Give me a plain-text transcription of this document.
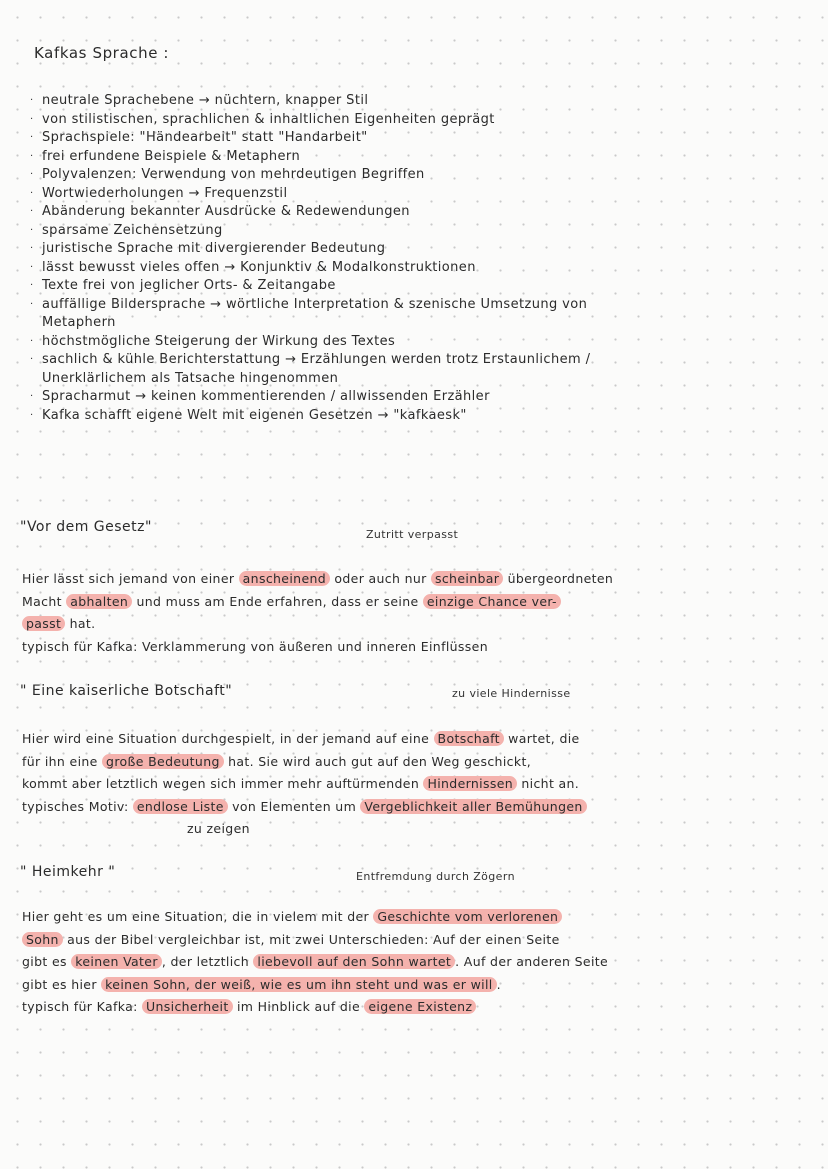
Kafkas Sprache :
· neutrale Sprachebene → nüchtern, knapper Stil
· von stilistischen, sprachlichen & inhaltlichen Eigenheiten geprägt
· Sprachspiele: "Händearbeit" statt "Handarbeit"
· frei erfundene Beispiele & Metaphern
· Polyvalenzen: Verwendung von mehrdeutigen Begriffen
· Wortwiederholungen → Frequenzstil
· Abänderung bekannter Ausdrücke & Redewendungen
· sparsame Zeichensetzung
· juristische Sprache mit divergierender Bedeutung
· lässt bewusst vieles offen → Konjunktiv & Modalkonstruktionen
· Texte frei von jeglicher Orts- & Zeitangabe
· auffällige Bildersprache → wörtliche Interpretation & szenische Umsetzung von
Metaphern
· höchstmögliche Steigerung der Wirkung des Textes
· sachlich & kühle Berichterstattung → Erzählungen werden trotz Erstaunlichem /
Unerklärlichem als Tatsache hingenommen
· Spracharmut → keinen kommentierenden / allwissenden Erzähler
· Kafka schafft eigene Welt mit eigenen Gesetzen → "kafkaesk"
"Vor dem Gesetz"	Zutritt verpasst
Hier lässt sich jemand von einer anscheinend oder auch nur scheinbar übergeordneten
Macht abhalten und muss am Ende erfahren, dass er seine einzige Chance ver-
passt hat.
typisch für Kafka: Verklammerung von äußeren und inneren Einflüssen
" Eine kaiserliche Botschaft"	zu viele Hindernisse
Hier wird eine Situation durchgespielt, in der jemand auf eine Botschaft wartet, die
für ihn eine große Bedeutung hat. Sie wird auch gut auf den Weg geschickt,
kommt aber letztlich wegen sich immer mehr auftürmenden Hindernissen nicht an.
typisches Motiv: endlose Liste von Elementen um Vergeblichkeit aller Bemühungen
zu zeigen
" Heimkehr "	Entfremdung durch Zögern
Hier geht es um eine Situation, die in vielem mit der Geschichte vom verlorenen
Sohn aus der Bibel vergleichbar ist, mit zwei Unterschieden: Auf der einen Seite
gibt es keinen Vater , der letztlich liebevoll auf den Sohn wartet . Auf der anderen Seite
gibt es hier keinen Sohn, der weiß, wie es um ihn steht und was er will .
typisch für Kafka: Unsicherheit im Hinblick auf die eigene Existenz
